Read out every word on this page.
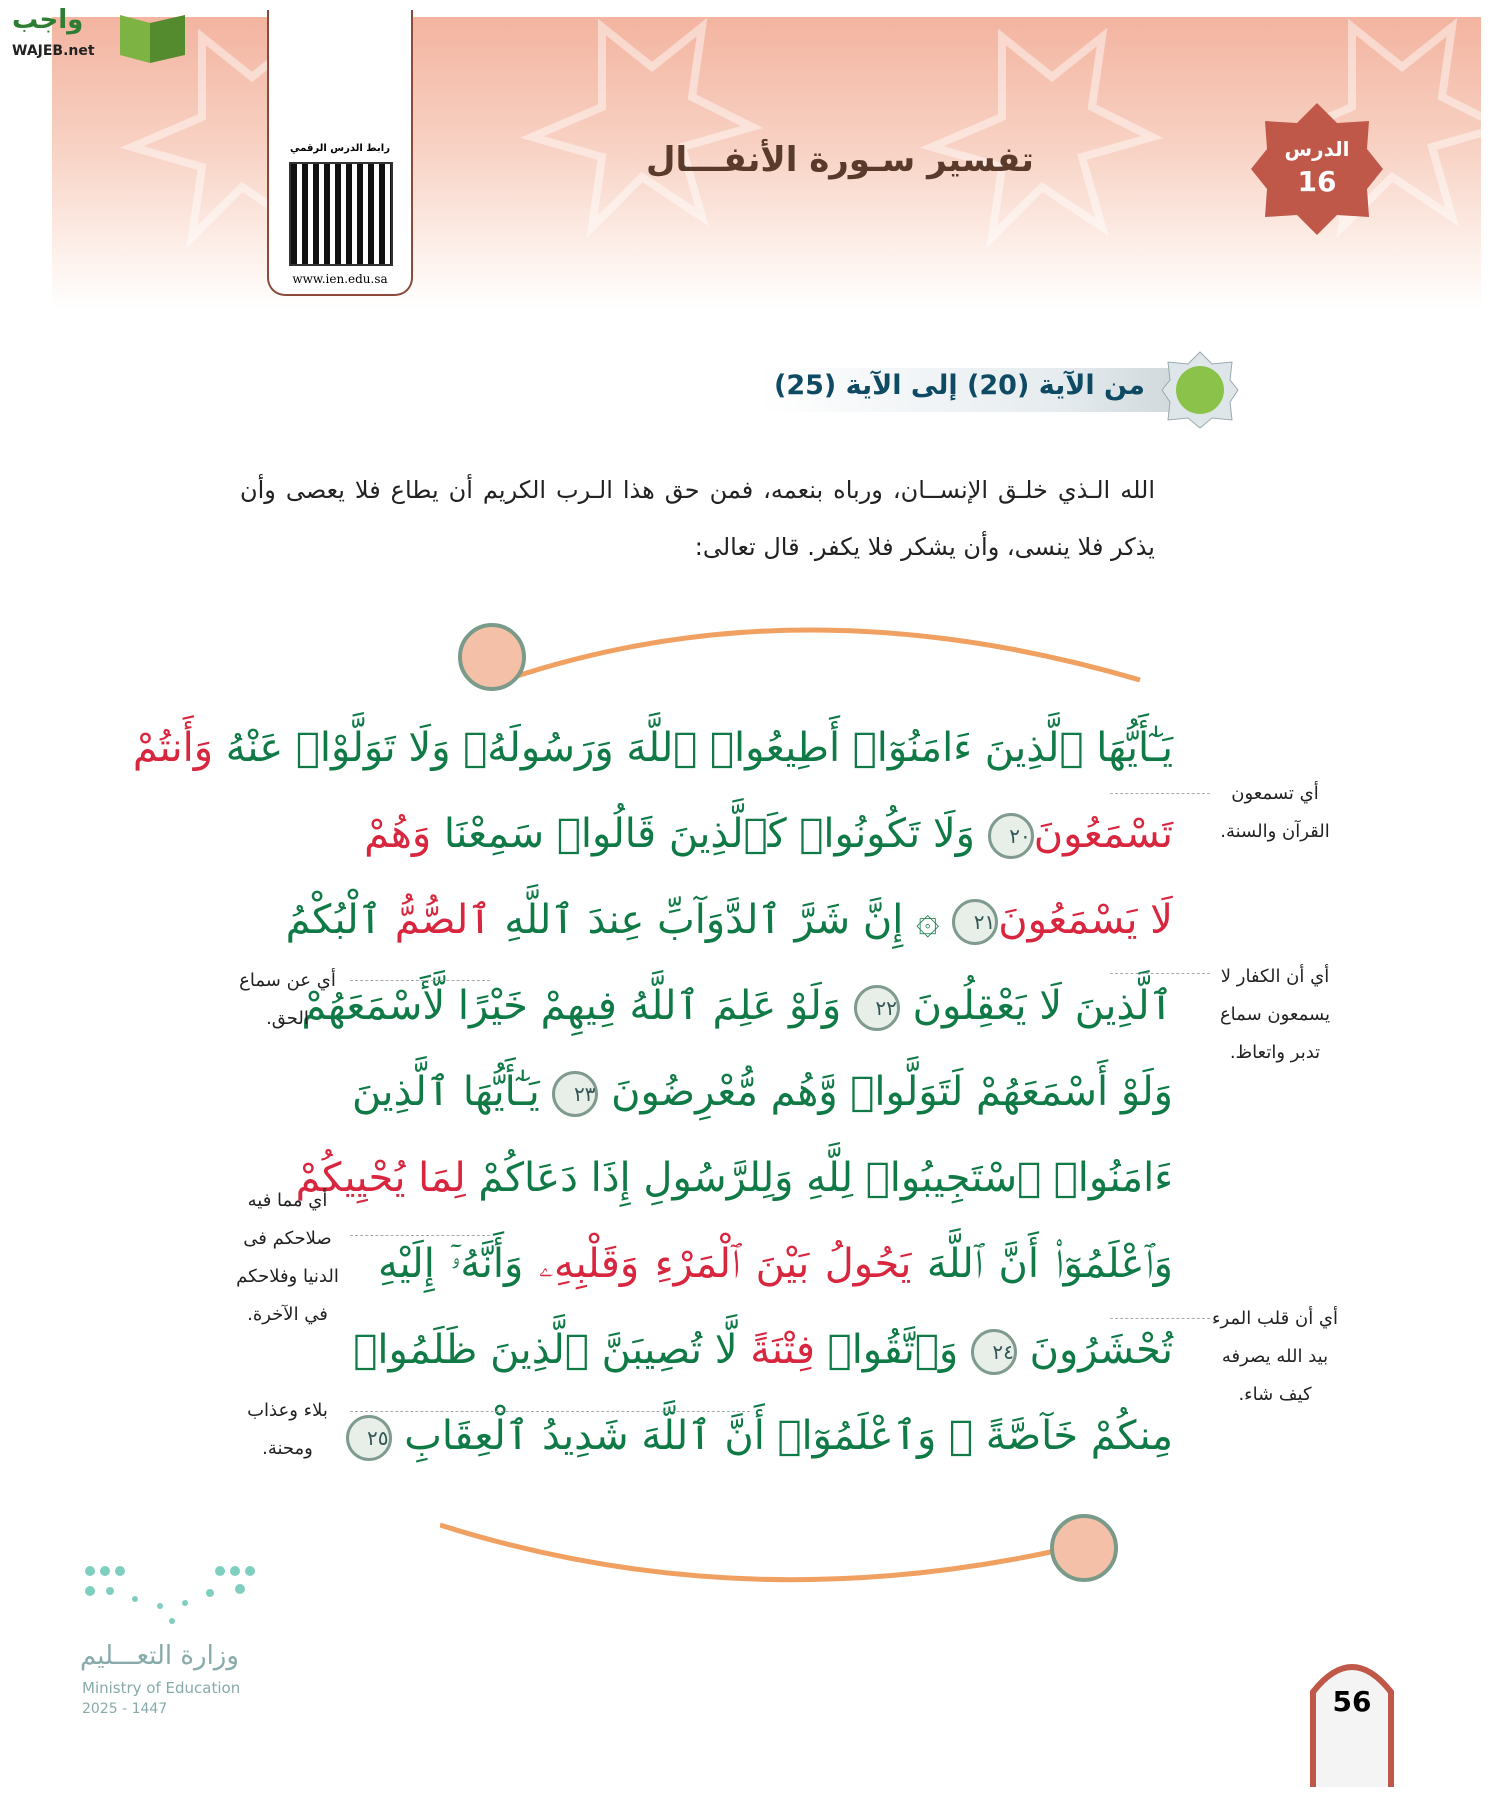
واجب
WAJEB.net
رابط الدرس الرقمي
www.ien.edu.sa
تفسير سـورة الأنفـــال	الدرس
16
من الآية (20) إلى الآية (25)
الله الـذي خلـق الإنســان، ورباه بنعمه، فمن حق هذا الـرب الكريم أن يطاع فلا يعصى وأن يذكر فلا ينسى، وأن يشكر فلا يكفر. قال تعالى:
يَـٰٓأَيُّهَا ٱلَّذِينَ ءَامَنُوٓا۟ أَطِيعُوا۟ ٱللَّهَ وَرَسُولَهُۥ وَلَا تَوَلَّوْا۟ عَنْهُ وَأَنتُمْ
تَسْمَعُونَ٢٠ وَلَا تَكُونُوا۟ كَٱلَّذِينَ قَالُوا۟ سَمِعْنَا وَهُمْ
لَا يَسْمَعُونَ٢١ ۞ إِنَّ شَرَّ ٱلدَّوَآبِّ عِندَ ٱللَّهِ ٱلصُّمُّ ٱلْبُكْمُ
ٱلَّذِينَ لَا يَعْقِلُونَ ٢٢ وَلَوْ عَلِمَ ٱللَّهُ فِيهِمْ خَيْرًا لَّأَسْمَعَهُمْ
وَلَوْ أَسْمَعَهُمْ لَتَوَلَّوا۟ وَّهُم مُّعْرِضُونَ ٢٣ يَـٰٓأَيُّهَا ٱلَّذِينَ
ءَامَنُوا۟ ٱسْتَجِيبُوا۟ لِلَّهِ وَلِلرَّسُولِ إِذَا دَعَاكُمْ لِمَا يُحْيِيكُمْ
وَٱعْلَمُوٓا۟ أَنَّ ٱللَّهَ يَحُولُ بَيْنَ ٱلْمَرْءِ وَقَلْبِهِۦ وَأَنَّهُۥٓ إِلَيْهِ
تُحْشَرُونَ ٢٤ وَٱتَّقُوا۟ فِتْنَةً لَّا تُصِيبَنَّ ٱلَّذِينَ ظَلَمُوا۟
مِنكُمْ خَآصَّةً ۖ وَٱعْلَمُوٓا۟ أَنَّ ٱللَّهَ شَدِيدُ ٱلْعِقَابِ ٢٥
أي تسمعون القرآن والسنة.
أي أن الكفار لا يسمعون سماع تدبر واتعاظ.
أي أن قلب المرء بيد الله يصرفه كيف شاء.
أي عن سماع الحق.
أي مما فيه صلاحكم فى الدنيا وفلاحكم في الآخرة.
بلاء وعذاب ومحنة.
وزارة التعـــليم
Ministry of Education
2025 - 1447	56
